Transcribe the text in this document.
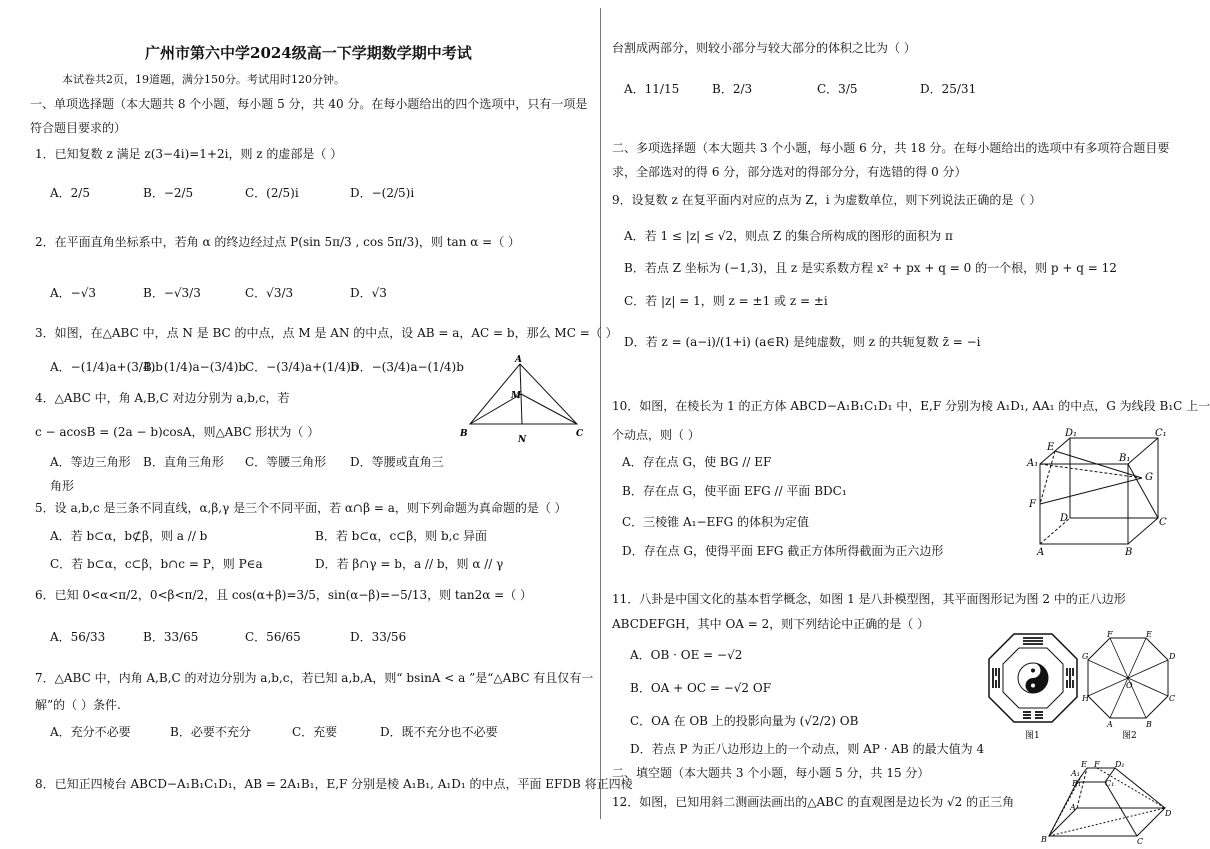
广州市第六中学2024级高一下学期数学期中考试
本试卷共2页，19道题，满分150分。考试用时120分钟。
一、单项选择题（本大题共 8 个小题，每小题 5 分，共 40 分。在每小题给出的四个选项中，只有一项是
符合题目要求的）
1．已知复数 z 满足 z(3−4i)=1+2i，则 z 的虚部是（ ）
A．2/5	B．−2/5	C．(2/5)i	D．−(2/5)i
2．在平面直角坐标系中，若角 α 的终边经过点 P(sin 5π/3 , cos 5π/3)，则 tan α =（ ）
A．−√3	B．−√3/3	C．√3/3	D．√3
3．如图，在△ABC 中，点 N 是 BC 的中点，点 M 是 AN 的中点，设 AB = a，AC = b，那么 MC =（ ）
A．−(1/4)a+(3/4)b
B．(1/4)a−(3/4)b
C．−(3/4)a+(1/4)b
D．−(3/4)a−(1/4)b	A
M
B
N
C
4．△ABC 中，角 A,B,C 对边分别为 a,b,c，若
c − acosB = (2a − b)cosA，则△ABC 形状为（ ）
A．等边三角形 B．直角三角形 C．等腰三角形 D．等腰或直角三
角形
5．设 a,b,c 是三条不同直线，α,β,γ 是三个不同平面，若 α∩β = a，则下列命题为真命题的是（ ）
A．若 b⊂α，b⊄β，则 a // b	B．若 b⊂α，c⊂β，则 b,c 异面
C．若 b⊂α，c⊂β，b∩c = P，则 P∈a	D．若 β∩γ = b，a // b，则 α // γ
6．已知 0<α<π/2，0<β<π/2，且 cos(α+β)=3/5，sin(α−β)=−5/13，则 tan2α =（ ）
A．56/33	B．33/65	C．56/65	D．33/56
7．△ABC 中，内角 A,B,C 的对边分别为 a,b,c，若已知 a,b,A，则“ bsinA < a ”是“△ABC 有且仅有一
解”的（ ）条件.
A．充分不必要	B．必要不充分	C．充要	D．既不充分也不必要
8．已知正四棱台 ABCD−A₁B₁C₁D₁，AB = 2A₁B₁，E,F 分别是棱 A₁B₁, A₁D₁ 的中点，平面 EFDB 将正四棱
台割成两部分，则较小部分与较大部分的体积之比为（ ）
A．11/15	B．2/3	C．3/5	D．25/31
二、多项选择题（本大题共 3 个小题，每小题 6 分，共 18 分。在每小题给出的选项中有多项符合题目要
求，全部选对的得 6 分，部分选对的得部分分，有选错的得 0 分）
9．设复数 z 在复平面内对应的点为 Z，i 为虚数单位，则下列说法正确的是（ ）
A．若 1 ≤ |z| ≤ √2，则点 Z 的集合所构成的图形的面积为 π
B．若点 Z 坐标为 (−1,3)，且 z 是实系数方程 x² + px + q = 0 的一个根，则 p + q = 12
C．若 |z| = 1，则 z = ±1 或 z = ±i
D．若 z = (a−i)/(1+i) (a∈R) 是纯虚数，则 z 的共轭复数 z̄ = −i
10．如图，在棱长为 1 的正方体 ABCD−A₁B₁C₁D₁ 中，E,F 分别为棱 A₁D₁, AA₁ 的中点，G 为线段 B₁C 上一
个动点，则（ ）
A．存在点 G，使 BG // EF
B．存在点 G，使平面 EFG // 平面 BDC₁
C．三棱锥 A₁−EFG 的体积为定值
D．存在点 G，使得平面 EFG 截正方体所得截面为正六边形
D₁	C₁
E
A₁	B₁
G
F
D	C
A	B
11．八卦是中国文化的基本哲学概念，如图 1 是八卦模型图，其平面图形记为图 2 中的正八边形
ABCDEFGH，其中 OA = 2，则下列结论中正确的是（ ）
A．OB · OE = −√2
B．OA + OC = −√2 OF
C．OA 在 OB 上的投影向量为 (√2/2) OB
D．若点 P 为正八边形边上的一个动点，则 AP · AB 的最大值为 4
图1
F	E
G	D
H
O
C
A	B
图2
二、填空题（本大题共 3 个小题，每小题 5 分，共 15 分）
12．如图，已知用斜二测画法画出的△ABC 的直观图是边长为 √2 的正三角
E
A₁
F D₁
B₁	C₁
A
D
B	C
